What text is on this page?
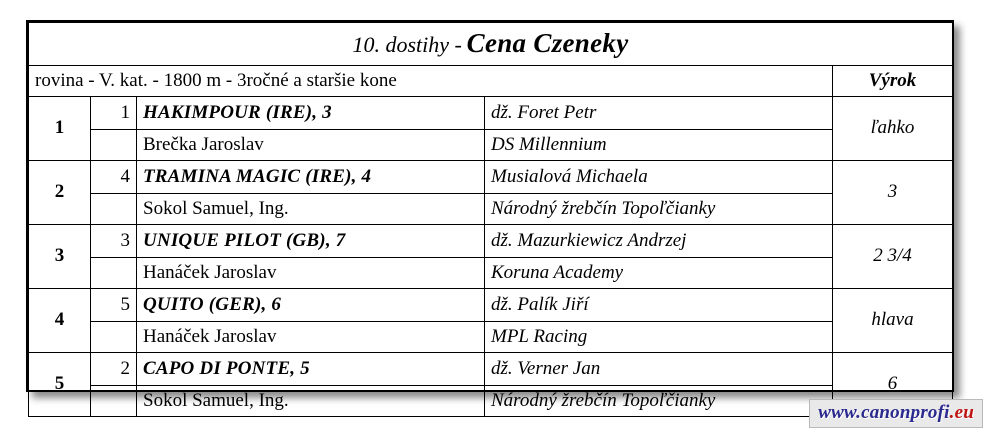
10. dostihy - Cena Czeneky				
rovina - V. kat. - 1800 m - 3ročné a staršie kone				Výrok
1	1	HAKIMPOUR (IRE), 3	dž. Foret Petr	ľahko
		Brečka Jaroslav	DS Millennium	
2	4	TRAMINA MAGIC (IRE), 4	Musialová Michaela	3
		Sokol Samuel, Ing.	Národný žrebčín Topoľčianky	
3	3	UNIQUE PILOT (GB), 7	dž. Mazurkiewicz Andrzej	2 3/4
		Hanáček Jaroslav	Koruna Academy	
4	5	QUITO (GER), 6	dž. Palík Jiří	hlava
		Hanáček Jaroslav	MPL Racing	
5	2	CAPO DI PONTE, 5	dž. Verner Jan	6
		Sokol Samuel, Ing.	Národný žrebčín Topoľčianky	
www.canonprofi.eu
